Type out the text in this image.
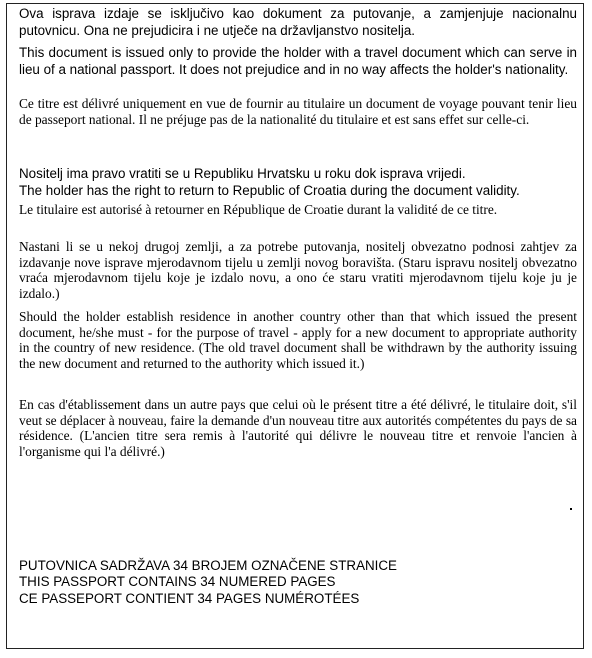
Ova isprava izdaje se isključivo kao dokument za putovanje, a zamjenjuje nacionalnu putovnicu. Ona ne prejudicira i ne utječe na državljanstvo nositelja.

This document is issued only to provide the holder with a travel document which can serve in lieu of a national passport. It does not prejudice and in no way affects the holder's nationality.

Ce titre est délivré uniquement en vue de fournir au titulaire un document de voyage pouvant tenir lieu de passeport national. Il ne préjuge pas de la nationalité du titulaire et est sans effet sur celle-ci.

Nositelj ima pravo vratiti se u Republiku Hrvatsku u roku dok isprava vrijedi.

The holder has the right to return to Republic of Croatia during the document validity.

Le titulaire est autorisé à retourner en République de Croatie durant la validité de ce titre.

Nastani li se u nekoj drugoj zemlji, a za potrebe putovanja, nositelj obvezatno podnosi zahtjev za izdavanje nove isprave mjerodavnom tijelu u zemlji novog boravišta. (Staru ispravu nositelj obvezatno vraća mjerodavnom tijelu koje je izdalo novu, a ono će staru vratiti mjerodavnom tijelu koje ju je izdalo.)

Should the holder establish residence in another country other than that which issued the present document, he/she must - for the purpose of travel - apply for a new document to appropriate authority in the country of new residence. (The old travel document shall be withdrawn by the authority issuing the new document and returned to the authority which issued it.)

En cas d'établissement dans un autre pays que celui où le présent titre a été délivré, le titulaire doit, s'il veut se déplacer à nouveau, faire la demande d'un nouveau titre aux autorités compétentes du pays de sa résidence. (L'ancien titre sera remis à l'autorité qui délivre le nouveau titre et renvoie l'ancien à l'organisme qui l'a délivré.)

PUTOVNICA SADRŽAVA 34 BROJEM OZNAČENE STRANICE

THIS PASSPORT CONTAINS 34 NUMERED PAGES

CE PASSEPORT CONTIENT 34 PAGES NUMÉROTÉES
